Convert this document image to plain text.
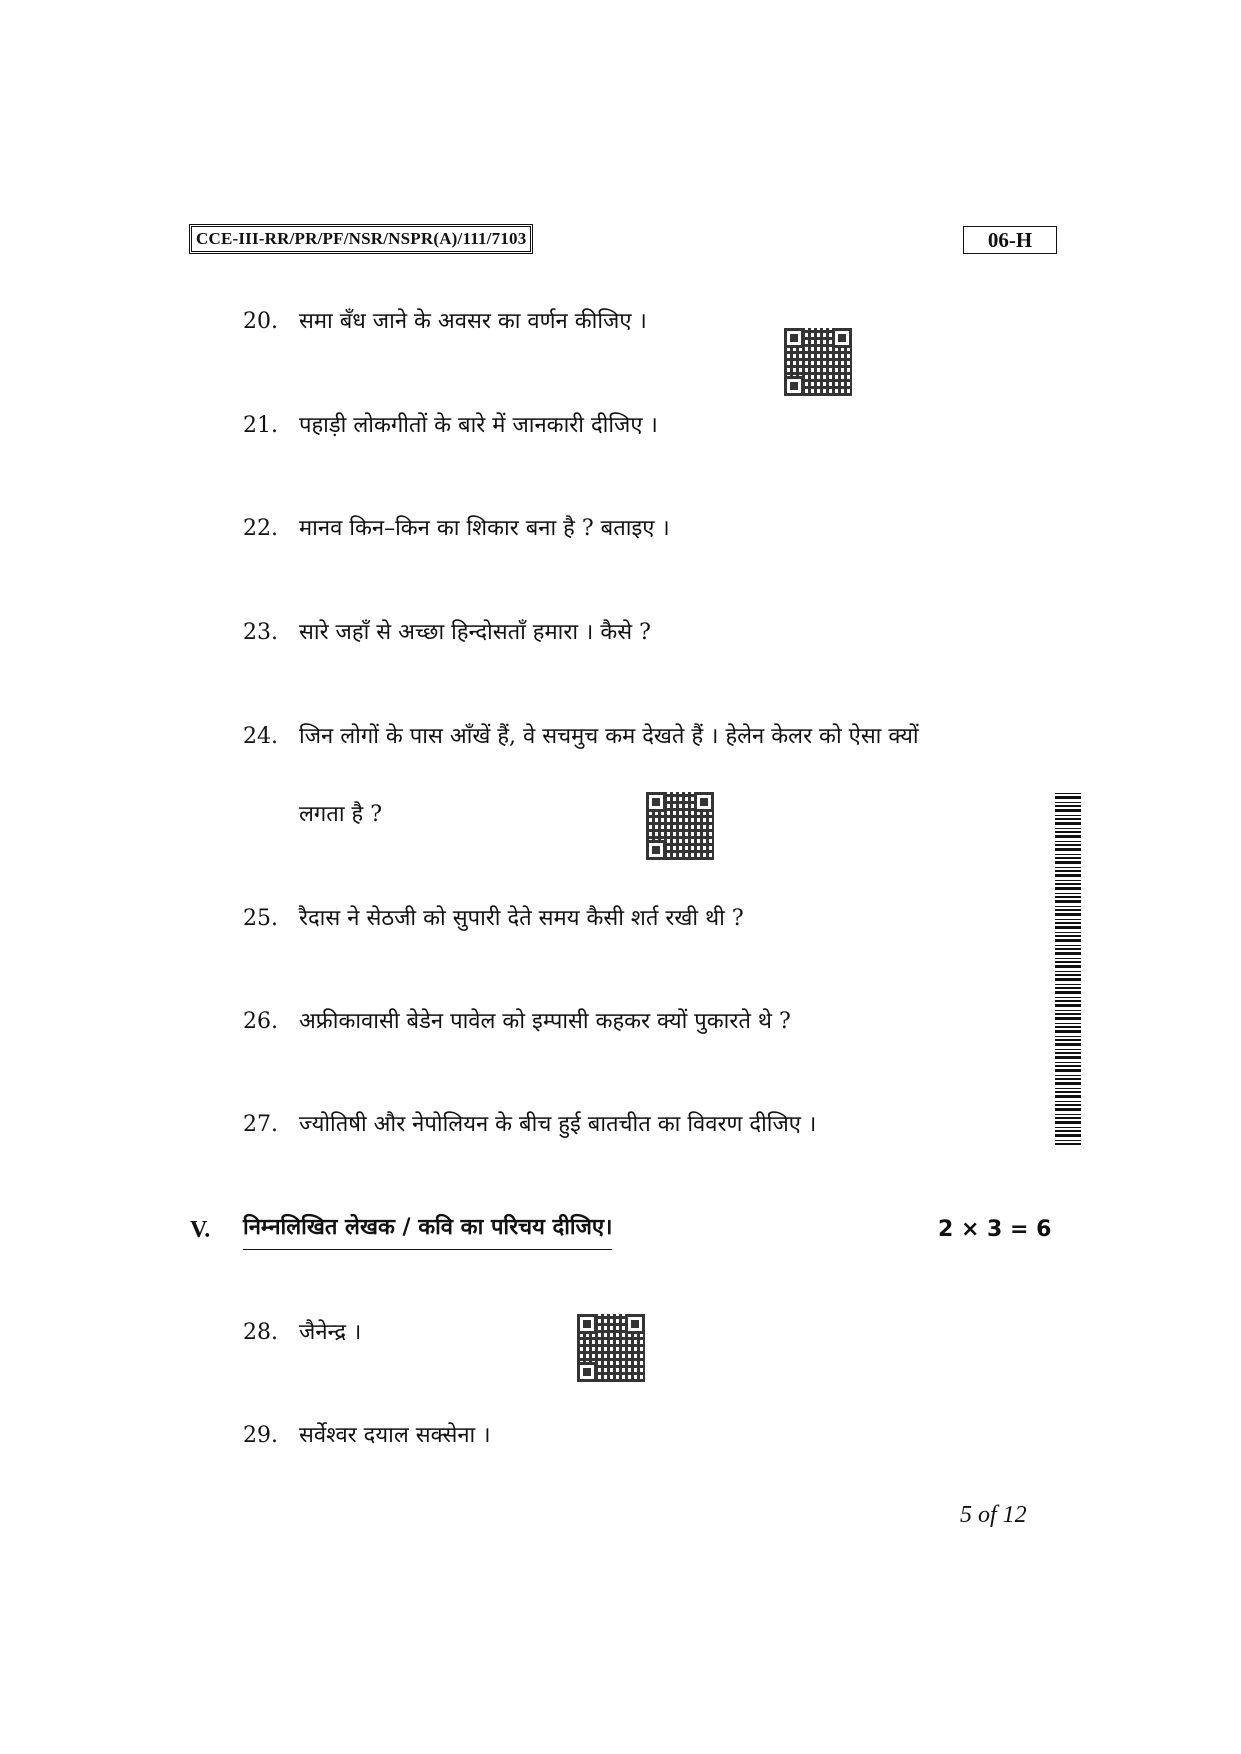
CCE-III-RR/PR/PF/NSR/NSPR(A)/111/7103	06-H
20. समा बँध जाने के अवसर का वर्णन कीजिए ।
21. पहाड़ी लोकगीतों के बारे में जानकारी दीजिए ।
22. मानव किन–किन का शिकार बना है ? बताइए ।
23. सारे जहाँ से अच्छा हिन्दोसताँ हमारा । कैसे ?
24. जिन लोगों के पास आँखें हैं, वे सचमुच कम देखते हैं । हेलेन केलर को ऐसा क्यों
लगता है ?
25. रैदास ने सेठजी को सुपारी देते समय कैसी शर्त रखी थी ?
26. अफ्रीकावासी बेडेन पावेल को इम्पासी कहकर क्यों पुकारते थे ?
27. ज्योतिषी और नेपोलियन के बीच हुई बातचीत का विवरण दीजिए ।
V. निम्नलिखित लेखक / कवि का परिचय दीजिए।	2 × 3 = 6
28. जैनेन्द्र ।
29. सर्वेश्वर दयाल सक्सेना ।
5 of 12
